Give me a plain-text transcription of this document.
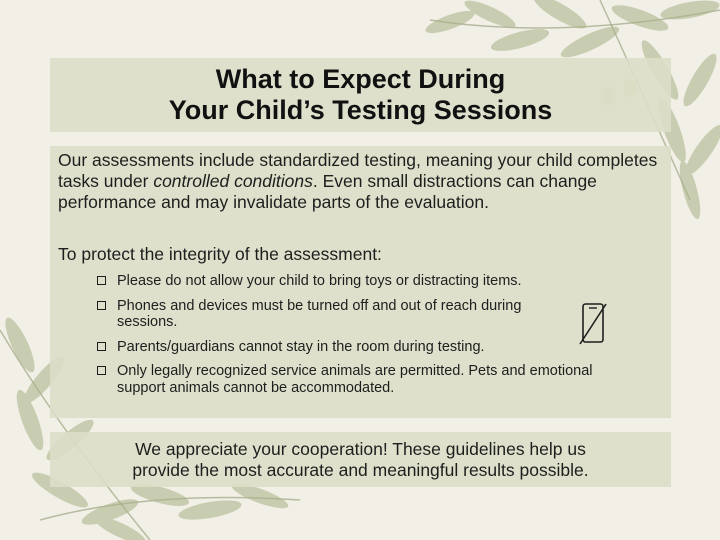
What to Expect During
Your Child’s Testing Sessions

Our assessments include standardized testing, meaning your child completes tasks under controlled conditions. Even small distractions can change performance and may invalidate parts of the evaluation.

To protect the integrity of the assessment:
Please do not allow your child to bring toys or distracting items.
Phones and devices must be turned off and out of reach during sessions.
Parents/guardians cannot stay in the room during testing.
Only legally recognized service animals are permitted. Pets and emotional support animals cannot be accommodated.
We appreciate your cooperation! These guidelines help us
provide the most accurate and meaningful results possible.
